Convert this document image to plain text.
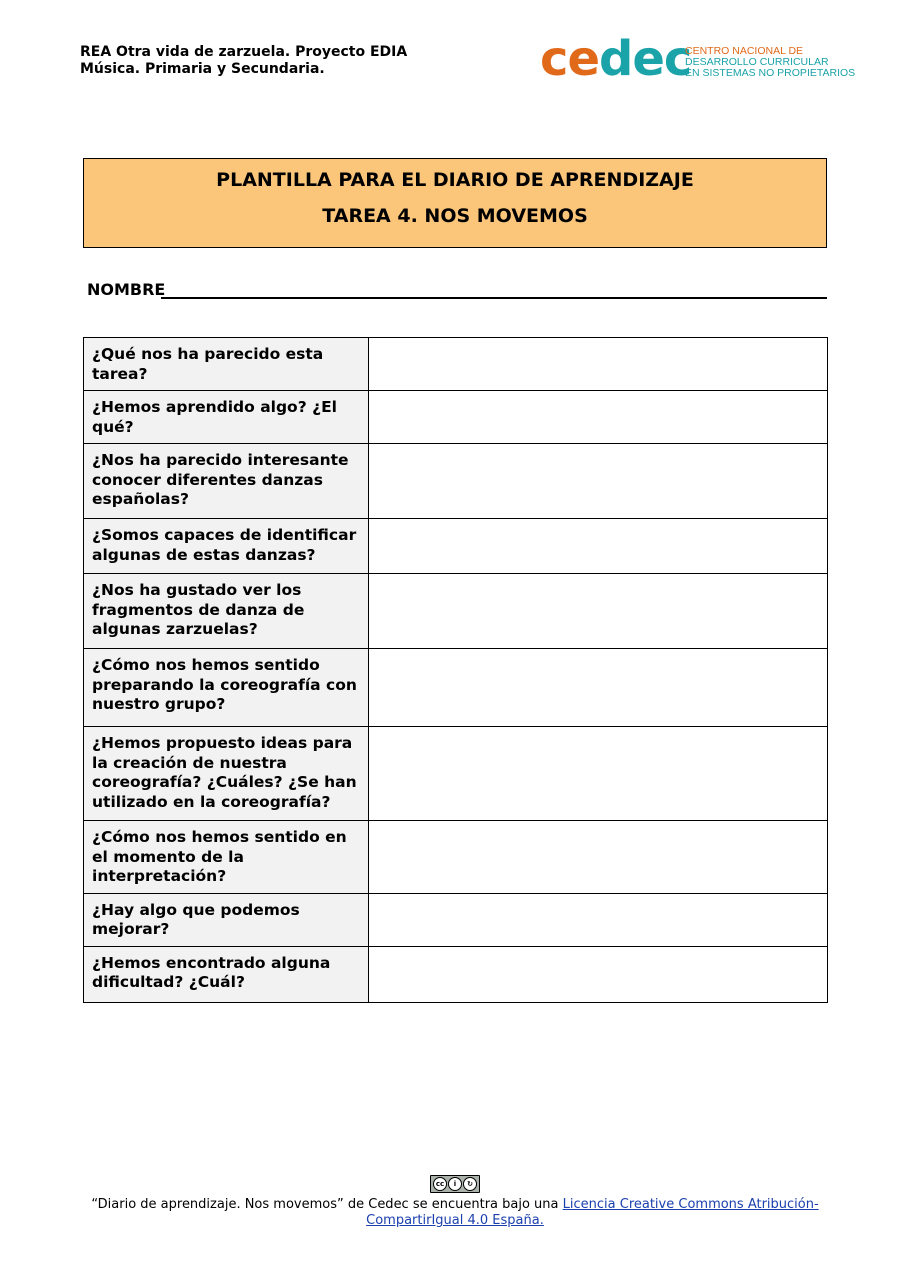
REA Otra vida de zarzuela. Proyecto EDIA
Música. Primaria y Secundaria.	cedec
CENTRO NACIONAL DE
DESARROLLO CURRICULAR
EN SISTEMAS NO PROPIETARIOS
PLANTILLA PARA EL DIARIO DE APRENDIZAJE
TAREA 4. NOS MOVEMOS
NOMBRE
¿Qué nos ha parecido esta tarea?	
¿Hemos aprendido algo? ¿El qué?	
¿Nos ha parecido interesante conocer diferentes danzas españolas?	
¿Somos capaces de identificar algunas de estas danzas?	
¿Nos ha gustado ver los fragmentos de danza de algunas zarzuelas?	
¿Cómo nos hemos sentido preparando la coreografía con nuestro grupo?	
¿Hemos propuesto ideas para la creación de nuestra coreografía? ¿Cuáles? ¿Se han utilizado en la coreografía?	
¿Cómo nos hemos sentido en el momento de la interpretación?	
¿Hay algo que podemos mejorar?	
¿Hemos encontrado alguna dificultad? ¿Cuál?	
cc	i	↻
“Diario de aprendizaje. Nos movemos” de Cedec se encuentra bajo una Licencia Creative Commons Atribución-
CompartirIgual 4.0 España.
